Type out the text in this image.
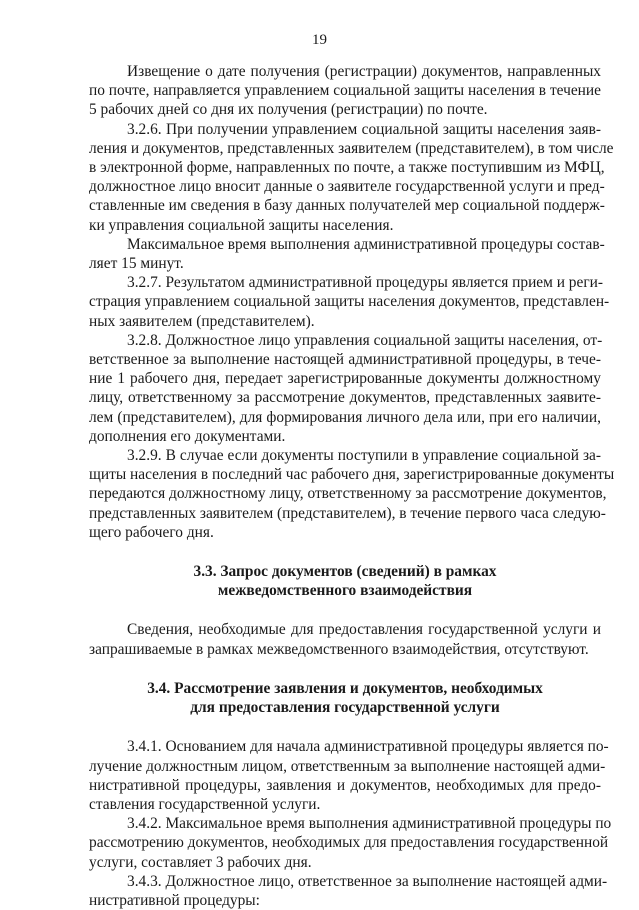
19
Извещение о дате получения (регистрации) документов, направленных
по почте, направляется управлением социальной защиты населения в течение
5 рабочих дней со дня их получения (регистрации) по почте.
3.2.6. При получении управлением социальной защиты населения заяв-
ления и документов, представленных заявителем (представителем), в том числе
в электронной форме, направленных по почте, а также поступившим из МФЦ,
должностное лицо вносит данные о заявителе государственной услуги и пред-
ставленные им сведения в базу данных получателей мер социальной поддерж-
ки управления социальной защиты населения.
Максимальное время выполнения административной процедуры состав-
ляет 15 минут.
3.2.7. Результатом административной процедуры является прием и реги-
страция управлением социальной защиты населения документов, представлен-
ных заявителем (представителем).
3.2.8. Должностное лицо управления социальной защиты населения, от-
ветственное за выполнение настоящей административной процедуры, в тече-
ние 1 рабочего дня, передает зарегистрированные документы должностному
лицу, ответственному за рассмотрение документов, представленных заявите-
лем (представителем), для формирования личного дела или, при его наличии,
дополнения его документами.
3.2.9. В случае если документы поступили в управление социальной за-
щиты населения в последний час рабочего дня, зарегистрированные документы
передаются должностному лицу, ответственному за рассмотрение документов,
представленных заявителем (представителем), в течение первого часа следую-
щего рабочего дня.
3.3. Запрос документов (сведений) в рамках
межведомственного взаимодействия
Сведения, необходимые для предоставления государственной услуги и
запрашиваемые в рамках межведомственного взаимодействия, отсутствуют.
3.4. Рассмотрение заявления и документов, необходимых
для предоставления государственной услуги
3.4.1. Основанием для начала административной процедуры является по-
лучение должностным лицом, ответственным за выполнение настоящей адми-
нистративной процедуры, заявления и документов, необходимых для предо-
ставления государственной услуги.
3.4.2. Максимальное время выполнения административной процедуры по
рассмотрению документов, необходимых для предоставления государственной
услуги, составляет 3 рабочих дня.
3.4.3. Должностное лицо, ответственное за выполнение настоящей адми-
нистративной процедуры:
